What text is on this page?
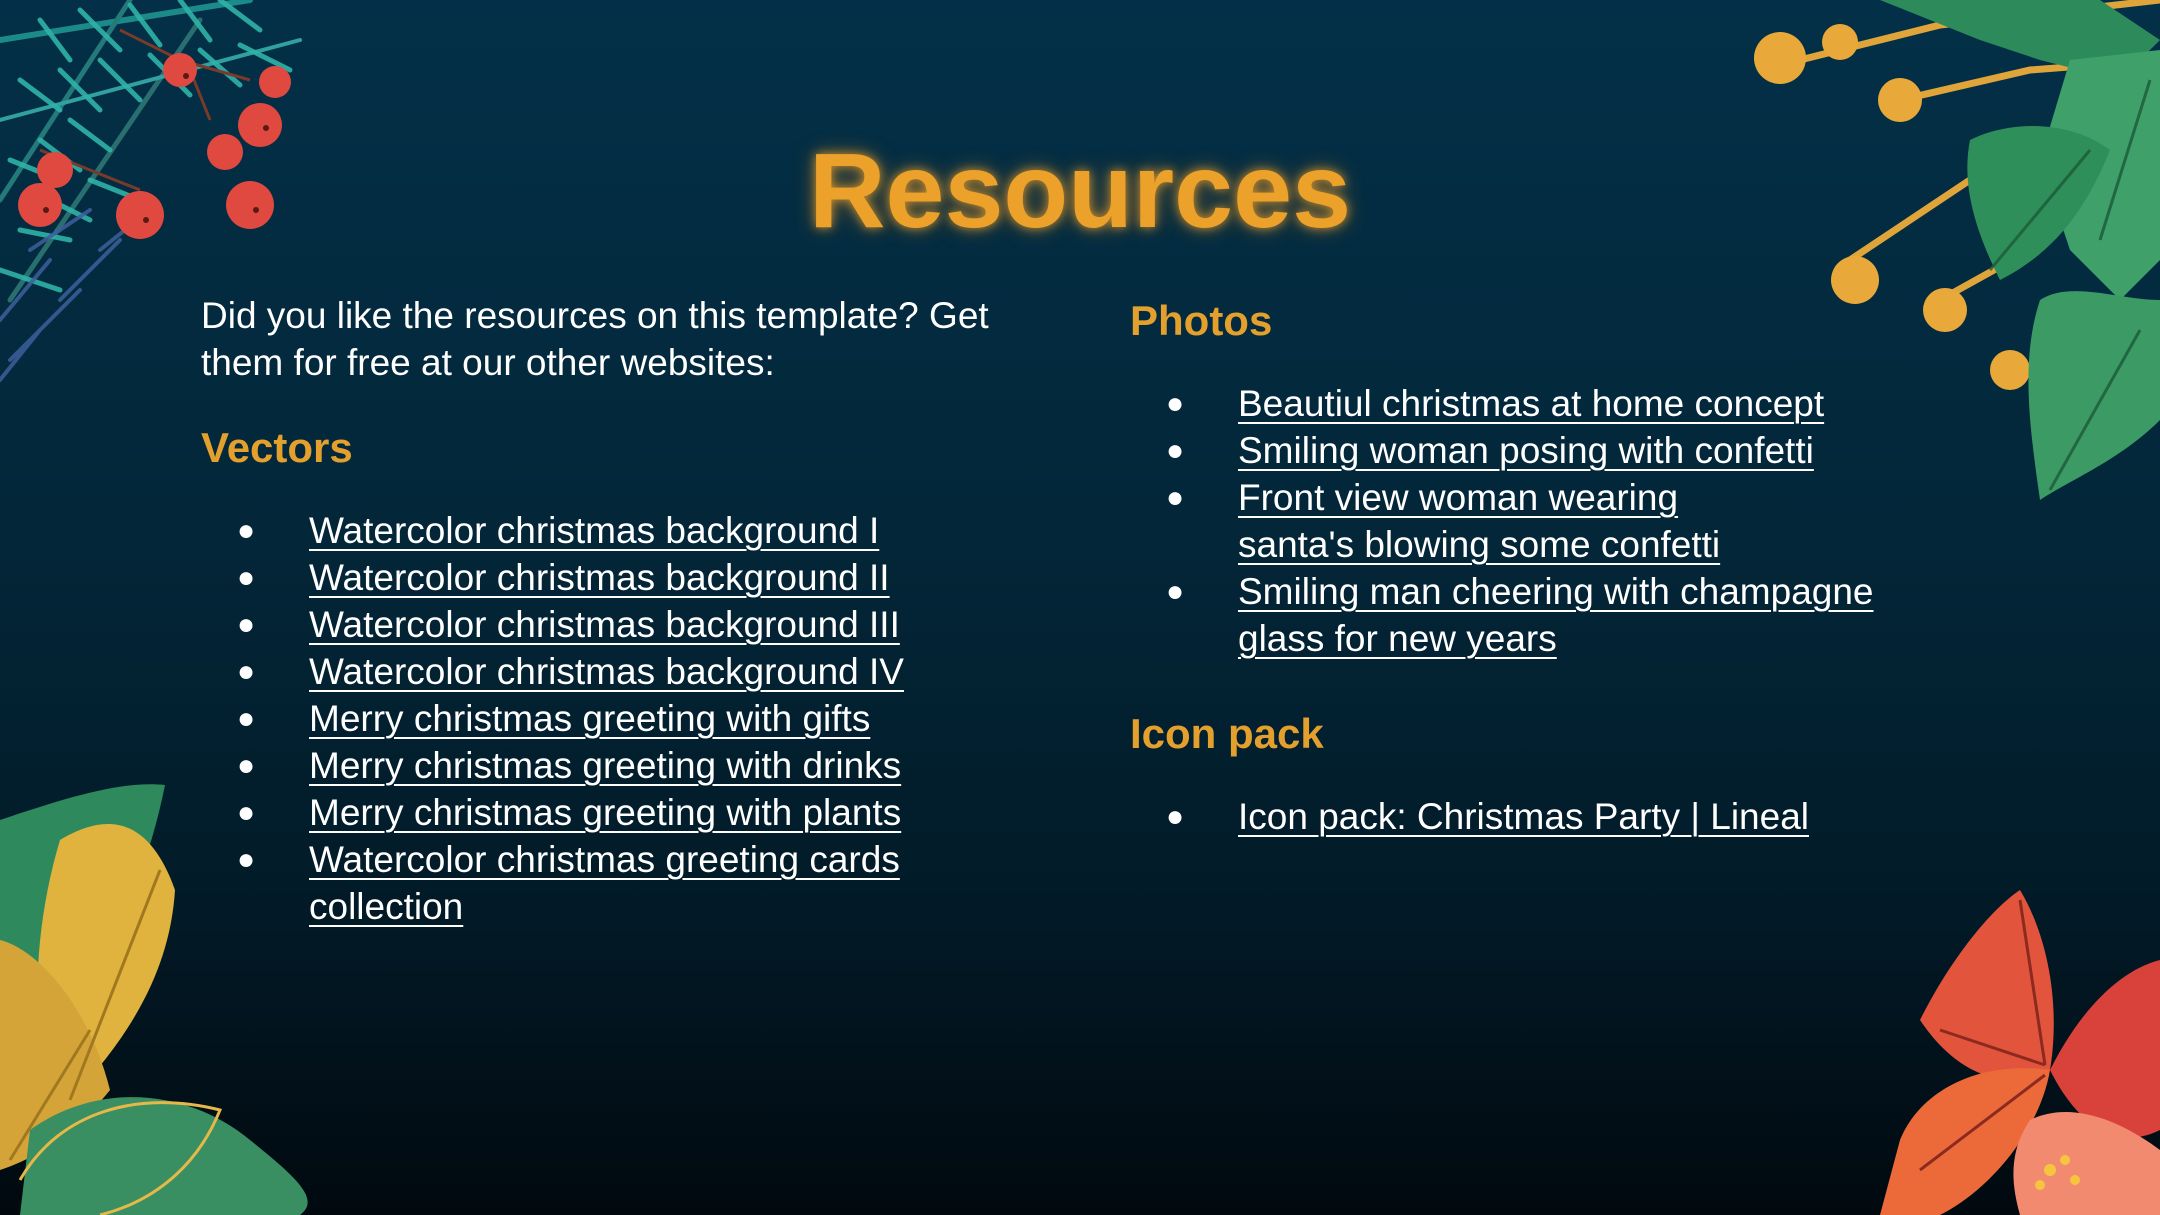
Resources

Did you like the resources on this template? Get them for free at our other websites:

Vectors
● Watercolor christmas background I
● Watercolor christmas background II
● Watercolor christmas background III
● Watercolor christmas background IV
● Merry christmas greeting with gifts
● Merry christmas greeting with drinks
● Merry christmas greeting with plants
● Watercolor christmas greeting cards collection
Photos
● Beautiul christmas at home concept
● Smiling woman posing with confetti
● Front view woman wearing santa's blowing some confetti
● Smiling man cheering with champagne glass for new years
Icon pack
● Icon pack: Christmas Party | Lineal
